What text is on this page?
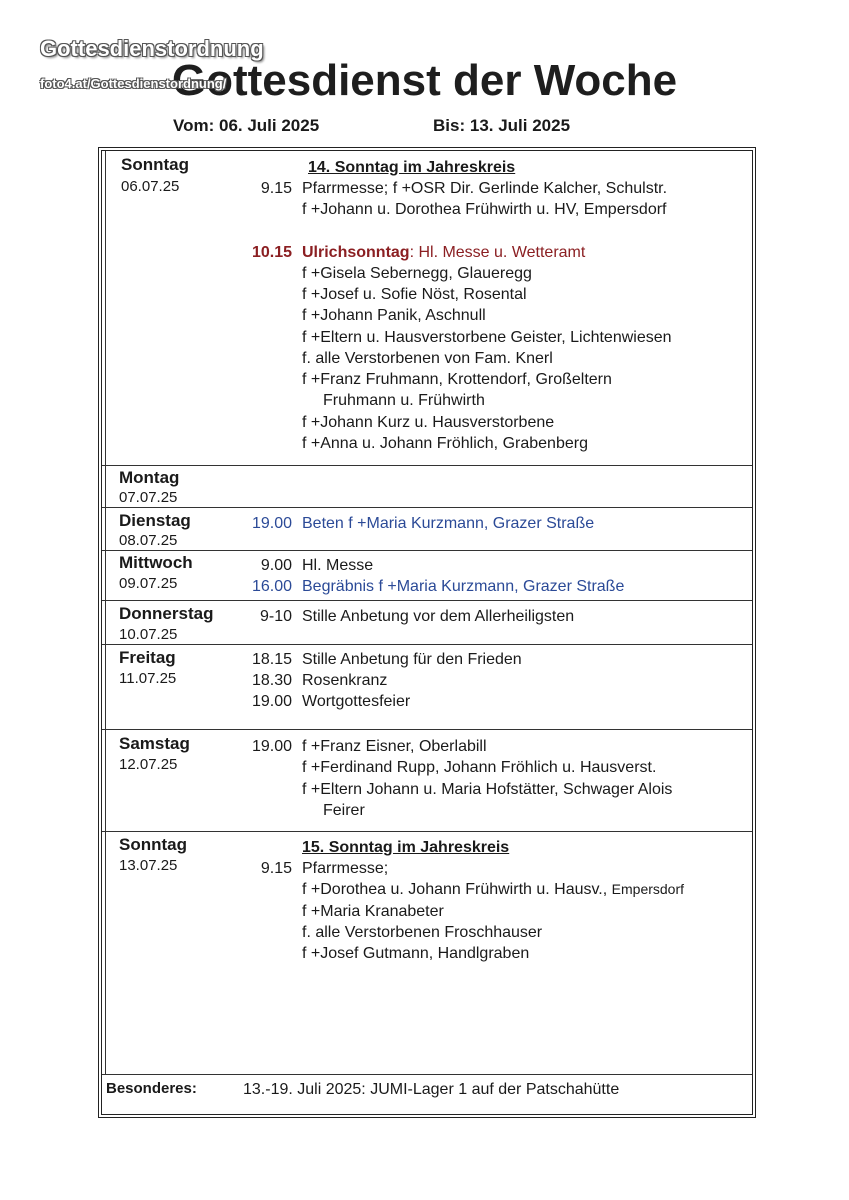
Gottesdienstordnung
foto4.at/Gottesdienstordnung/
Gottesdienst der Woche
Vom: 06. Juli 2025	Bis: 13. Juli 2025
Sonntag
06.07.25
14. Sonntag im Jahreskreis
9.15 Pfarrmesse; f +OSR Dir. Gerlinde Kalcher, Schulstr.
f +Johann u. Dorothea Frühwirth u. HV, Empersdorf
10.15 Ulrichsonntag: Hl. Messe u. Wetteramt
f +Gisela Sebernegg, Glaueregg
f +Josef u. Sofie Nöst, Rosental
f +Johann Panik, Aschnull
f +Eltern u. Hausverstorbene Geister, Lichtenwiesen
f. alle Verstorbenen von Fam. Knerl
f +Franz Fruhmann, Krottendorf, Großeltern
Fruhmann u. Frühwirth
f +Johann Kurz u. Hausverstorbene
f +Anna u. Johann Fröhlich, Grabenberg
Montag
07.07.25
Dienstag
08.07.25
19.00 Beten f +Maria Kurzmann, Grazer Straße
Mittwoch
09.07.25
9.00 Hl. Messe
16.00 Begräbnis f +Maria Kurzmann, Grazer Straße
Donnerstag
10.07.25
9-10 Stille Anbetung vor dem Allerheiligsten
Freitag
11.07.25
18.15 Stille Anbetung für den Frieden
18.30 Rosenkranz
19.00 Wortgottesfeier
Samstag
12.07.25
19.00 f +Franz Eisner, Oberlabill
f +Ferdinand Rupp, Johann Fröhlich u. Hausverst.
f +Eltern Johann u. Maria Hofstätter, Schwager Alois
Feirer
Sonntag
13.07.25
15. Sonntag im Jahreskreis
9.15 Pfarrmesse;
f +Dorothea u. Johann Frühwirth u. Hausv., Empersdorf
f +Maria Kranabeter
f. alle Verstorbenen Froschhauser
f +Josef Gutmann, Handlgraben
Besonderes:	13.-19. Juli 2025: JUMI-Lager 1 auf der Patschahütte
